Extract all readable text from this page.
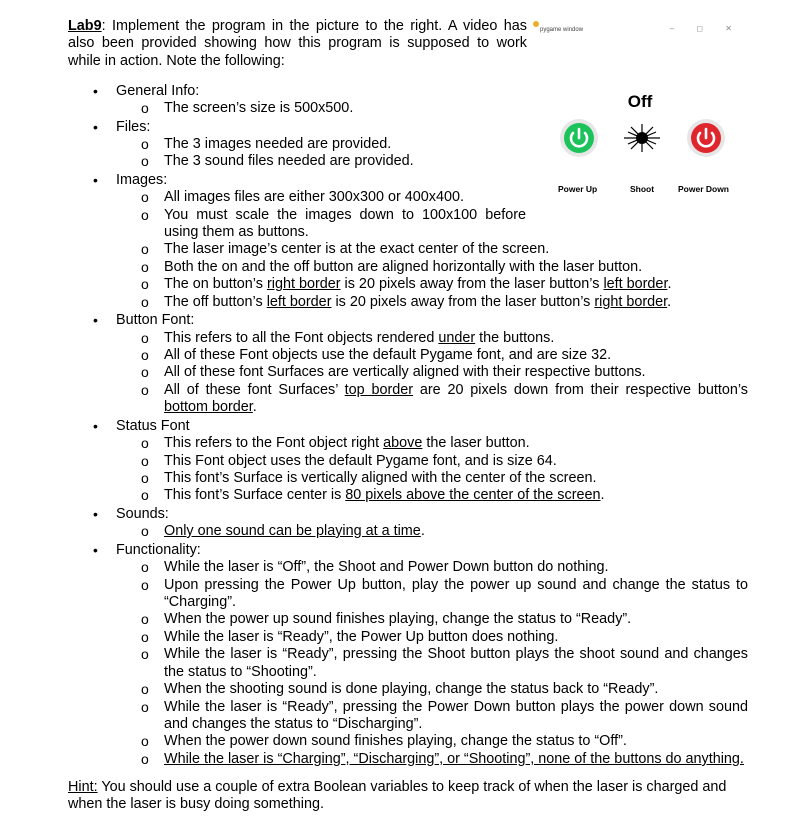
Lab9: Implement the program in the picture to the right. A video has also been provided showing how this program is supposed to work while in action. Note the following:
pygame window	– ◻ ✕
Off
Power Up	Shoot	Power Down
• General Info:
o The screen’s size is 500x500.
• Files:
o The 3 images needed are provided.
o The 3 sound files needed are provided.
• Images:
o All images files are either 300x300 or 400x400.
o You must scale the images down to 100x100 before
using them as buttons.
o The laser image’s center is at the exact center of the screen.
o Both the on and the off button are aligned horizontally with the laser button.
o The on button’s right border is 20 pixels away from the laser button’s left border.
o The off button’s left border is 20 pixels away from the laser button’s right border.
• Button Font:
o This refers to all the Font objects rendered under the buttons.
o All of these Font objects use the default Pygame font, and are size 32.
o All of these font Surfaces are vertically aligned with their respective buttons.
o All of these font Surfaces’ top border are 20 pixels down from their respective button’s
bottom border.
• Status Font
o This refers to the Font object right above the laser button.
o This Font object uses the default Pygame font, and is size 64.
o This font’s Surface is vertically aligned with the center of the screen.
o This font’s Surface center is 80 pixels above the center of the screen.
• Sounds:
o Only one sound can be playing at a time.
• Functionality:
o While the laser is “Off”, the Shoot and Power Down button do nothing.
o Upon pressing the Power Up button, play the power up sound and change the status to
“Charging”.
o When the power up sound finishes playing, change the status to “Ready”.
o While the laser is “Ready”, the Power Up button does nothing.
o While the laser is “Ready”, pressing the Shoot button plays the shoot sound and changes
the status to “Shooting”.
o When the shooting sound is done playing, change the status back to “Ready”.
o While the laser is “Ready”, pressing the Power Down button plays the power down sound
and changes the status to “Discharging”.
o When the power down sound finishes playing, change the status to “Off”.
o While the laser is “Charging”, “Discharging”, or “Shooting”, none of the buttons do anything.
Hint: You should use a couple of extra Boolean variables to keep track of when the laser is charged and
when the laser is busy doing something.
